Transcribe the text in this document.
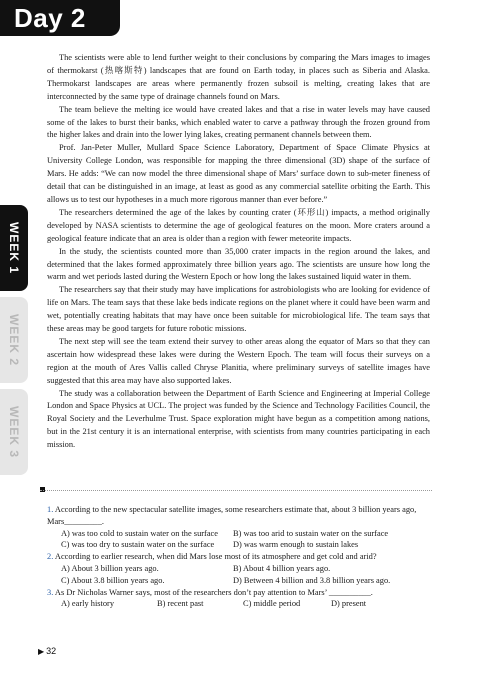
Day 2
WEEK 1
WEEK 2
WEEK 3

The scientists were able to lend further weight to their conclusions by comparing the Mars images to images of thermokarst (热喀斯特) landscapes that are found on Earth today, in places such as Siberia and Alaska. Thermokarst landscapes are areas where permanently frozen subsoil is melting, creating lakes that are interconnected by the same type of drainage channels found on Mars.

The team believe the melting ice would have created lakes and that a rise in water levels may have caused some of the lakes to burst their banks, which enabled water to carve a pathway through the frozen ground from the higher lakes and drain into the lower lying lakes, creating permanent channels between them.

Prof. Jan-Peter Muller, Mullard Space Science Laboratory, Department of Space Climate Physics at University College London, was responsible for mapping the three dimensional (3D) shape of the surface of Mars. He adds: “We can now model the three dimensional shape of Mars’ surface down to sub-meter fineness of detail that can be distinguished in an image, at least as good as any commercial satellite orbiting the Earth. This allows us to test our hypotheses in a much more rigorous manner than ever before.”

The researchers determined the age of the lakes by counting crater (环形山) impacts, a method originally developed by NASA scientists to determine the age of geological features on the moon. More craters around a geological feature indicate that an area is older than a region with fewer meteorite impacts.

In the study, the scientists counted more than 35,000 crater impacts in the region around the lakes, and determined that the lakes formed approximately three billion years ago. The scientists are unsure how long the warm and wet periods lasted during the Western Epoch or how long the lakes sustained liquid water in them.

The researchers say that their study may have implications for astrobiologists who are looking for evidence of life on Mars. The team says that these lake beds indicate regions on the planet where it could have been warm and wet, potentially creating habitats that may have once been suitable for microbiological life. The team says that these areas may be good targets for future robotic missions.

The next step will see the team extend their survey to other areas along the equator of Mars so that they can ascertain how widespread these lakes were during the Western Epoch. The team will focus their surveys on a region at the mouth of Ares Vallis called Chryse Planitia, where preliminary surveys of satellite images have suggested that this area may have also supported lakes.

The study was a collaboration between the Department of Earth Science and Engineering at Imperial College London and Space Physics at UCL. The project was funded by the Science and Technology Facilities Council, the Royal Society and the Leverhulme Trust. Space exploration might have begun as a competition among nations, but in the 21st century it is an international enterprise, with scientists from many countries participating in each mission.

1. According to the new spectacular satellite images, some researchers estimate that, about 3 billion years ago, Mars_________.

A) was too cold to sustain water on the surface	B) was too arid to sustain water on the surface
C) was too dry to sustain water on the surface	D) was warm enough to sustain lakes

2. According to earlier research, when did Mars lose most of its atmosphere and get cold and arid?

A) About 3 billion years ago.	B) About 4 billion years ago.
C) About 3.8 billion years ago.	D) Between 4 billion and 3.8 billion years ago.

3. As Dr Nicholas Warner says, most of the researchers don’t pay attention to Mars’ __________.

A) early history	B) recent past	C) middle period	D) present
▶ 32
